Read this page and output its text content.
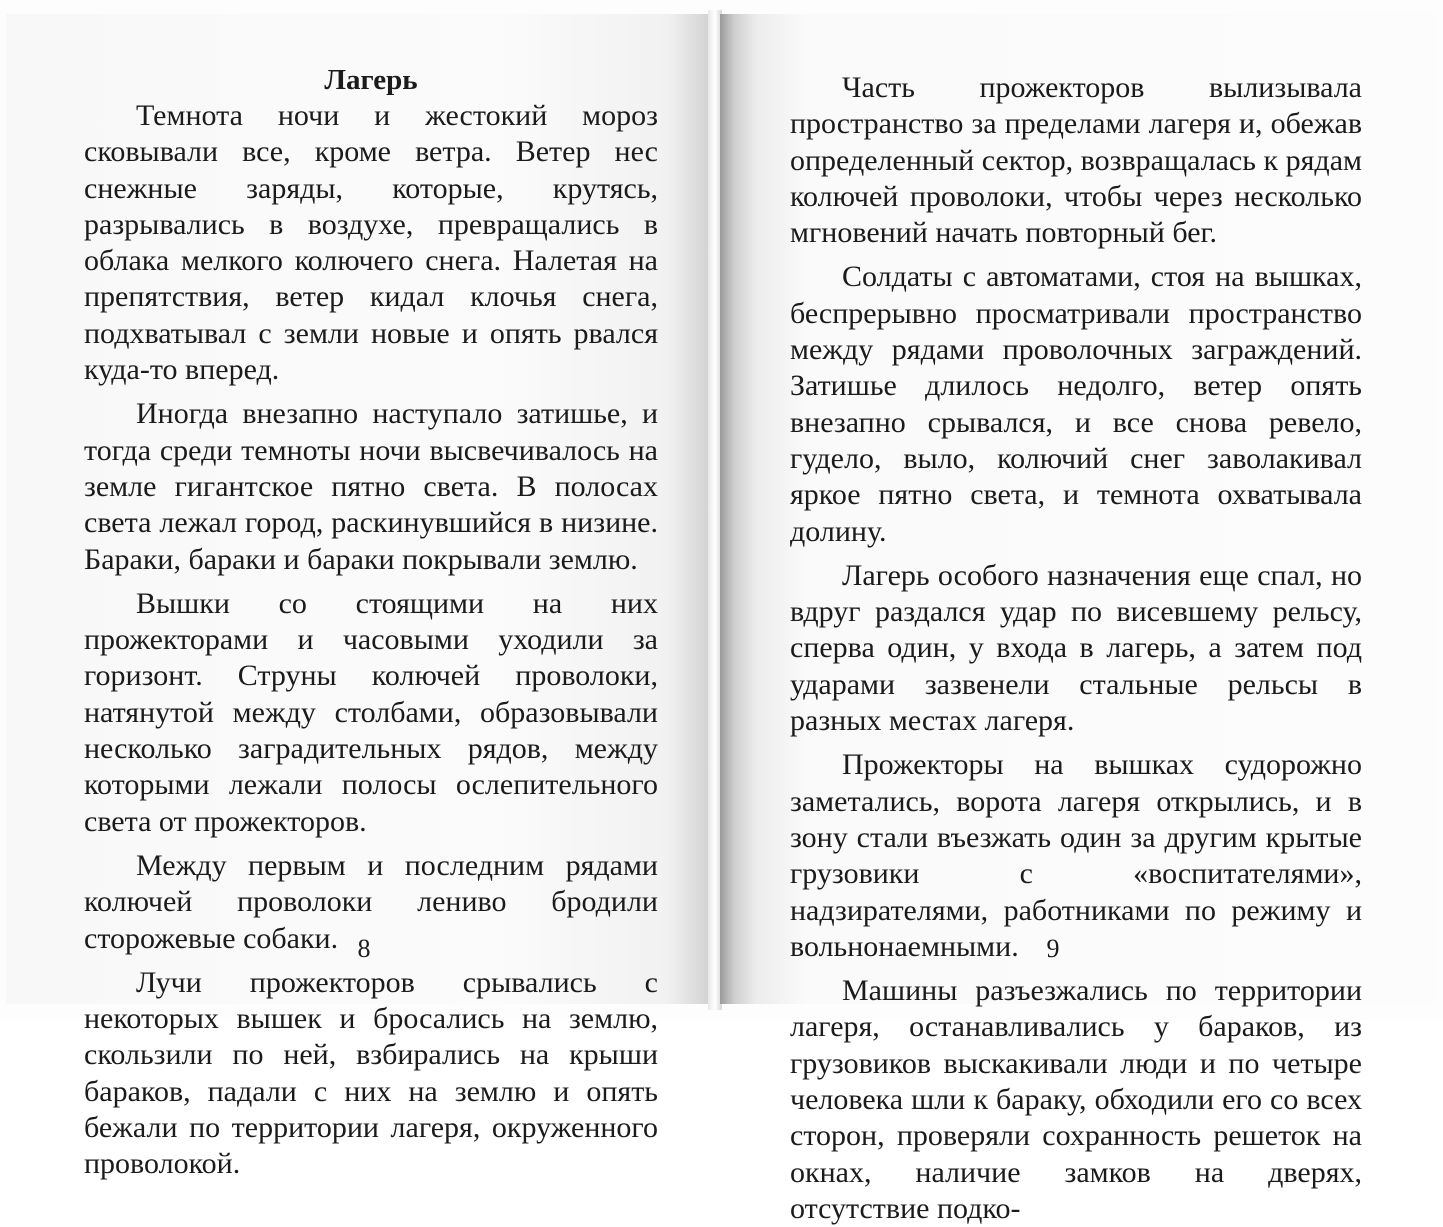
Лагерь

Темнота ночи и жестокий мороз сковывали все, кроме ветра. Ветер нес снежные заряды, которые, крутясь, разрывались в воздухе, превращались в облака мелкого колючего снега. Налетая на препятствия, ветер кидал клочья снега, подхватывал с земли новые и опять рвался куда-то вперед.

Иногда внезапно наступало затишье, и тогда среди темноты ночи высвечивалось на земле гигантское пятно света. В полосах света лежал город, раскинувшийся в низине. Бараки, бараки и бараки покрывали землю.

Вышки со стоящими на них прожекторами и часовыми уходили за горизонт. Струны колючей проволоки, натянутой между столбами, образовывали несколько заградительных рядов, между которыми лежали полосы ослепительного света от прожекторов.

Между первым и последним рядами колючей проволоки лениво бродили сторожевые собаки.

Лучи прожекторов срывались с некоторых вышек и бросались на землю, скользили по ней, взбирались на крыши бараков, падали с них на землю и опять бежали по территории лагеря, окруженного проволокой.

8

Часть прожекторов вылизывала пространство за пределами лагеря и, обежав определенный сектор, возвращалась к рядам колючей проволоки, чтобы через несколько мгновений начать повторный бег.

Солдаты с автоматами, стоя на вышках, беспрерывно просматривали пространство между рядами проволочных заграждений. Затишье длилось недолго, ветер опять внезапно срывался, и все снова ревело, гудело, выло, колючий снег заволакивал яркое пятно света, и темнота охватывала долину.

Лагерь особого назначения еще спал, но вдруг раздался удар по висевшему рельсу, сперва один, у входа в лагерь, а затем под ударами зазвенели стальные рельсы в разных местах лагеря.

Прожекторы на вышках судорожно заметались, ворота лагеря открылись, и в зону стали въезжать один за другим крытые грузовики с «воспитателями», надзирателями, работниками по режиму и вольнонаемными.

Машины разъезжались по территории лагеря, останавливались у бараков, из грузовиков выскакивали люди и по четыре человека шли к бараку, обходили его со всех сторон, проверяли сохранность решеток на окнах, наличие замков на дверях, отсутствие подко-

9
